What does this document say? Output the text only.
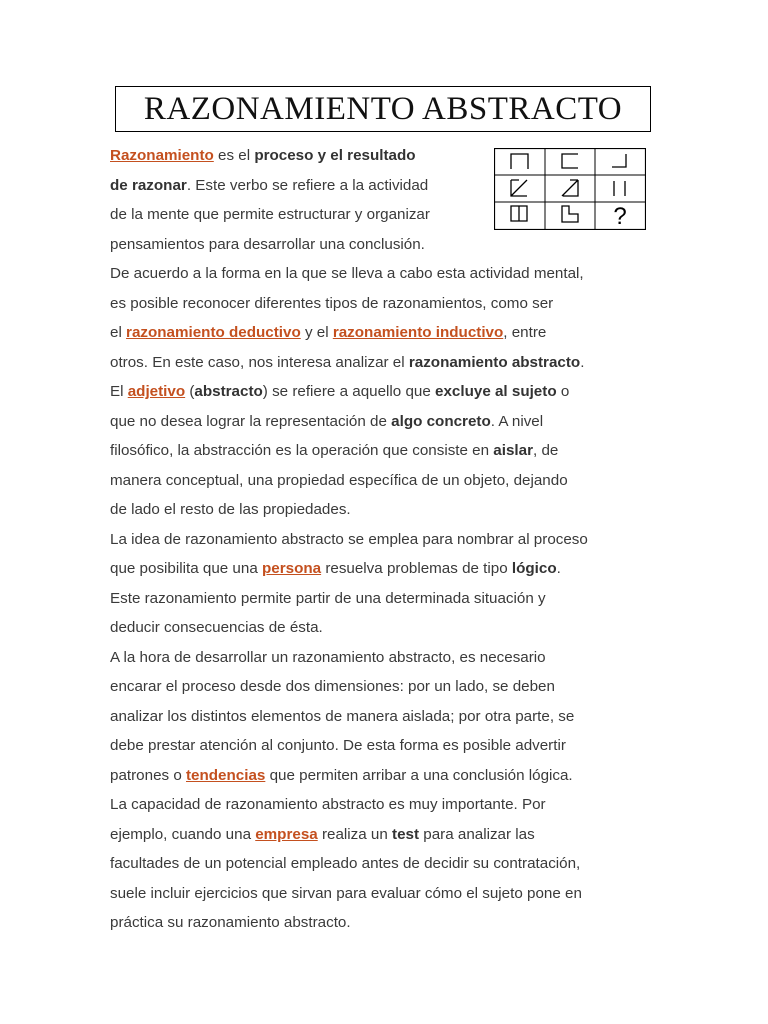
RAZONAMIENTO ABSTRACTO
?

Razonamiento es el proceso y el resultado
de razonar. Este verbo se refiere a la actividad
de la mente que permite estructurar y organizar
pensamientos para desarrollar una conclusión.

De acuerdo a la forma en la que se lleva a cabo esta actividad mental,
es posible reconocer diferentes tipos de razonamientos, como ser
el razonamiento deductivo y el razonamiento inductivo, entre
otros. En este caso, nos interesa analizar el razonamiento abstracto.

El adjetivo (abstracto) se refiere a aquello que excluye al sujeto o
que no desea lograr la representación de algo concreto. A nivel
filosófico, la abstracción es la operación que consiste en aislar, de
manera conceptual, una propiedad específica de un objeto, dejando
de lado el resto de las propiedades.

La idea de razonamiento abstracto se emplea para nombrar al proceso
que posibilita que una persona resuelva problemas de tipo lógico.
Este razonamiento permite partir de una determinada situación y
deducir consecuencias de ésta.

A la hora de desarrollar un razonamiento abstracto, es necesario
encarar el proceso desde dos dimensiones: por un lado, se deben
analizar los distintos elementos de manera aislada; por otra parte, se
debe prestar atención al conjunto. De esta forma es posible advertir
patrones o tendencias que permiten arribar a una conclusión lógica.

La capacidad de razonamiento abstracto es muy importante. Por
ejemplo, cuando una empresa realiza un test para analizar las
facultades de un potencial empleado antes de decidir su contratación,
suele incluir ejercicios que sirvan para evaluar cómo el sujeto pone en
práctica su razonamiento abstracto.
